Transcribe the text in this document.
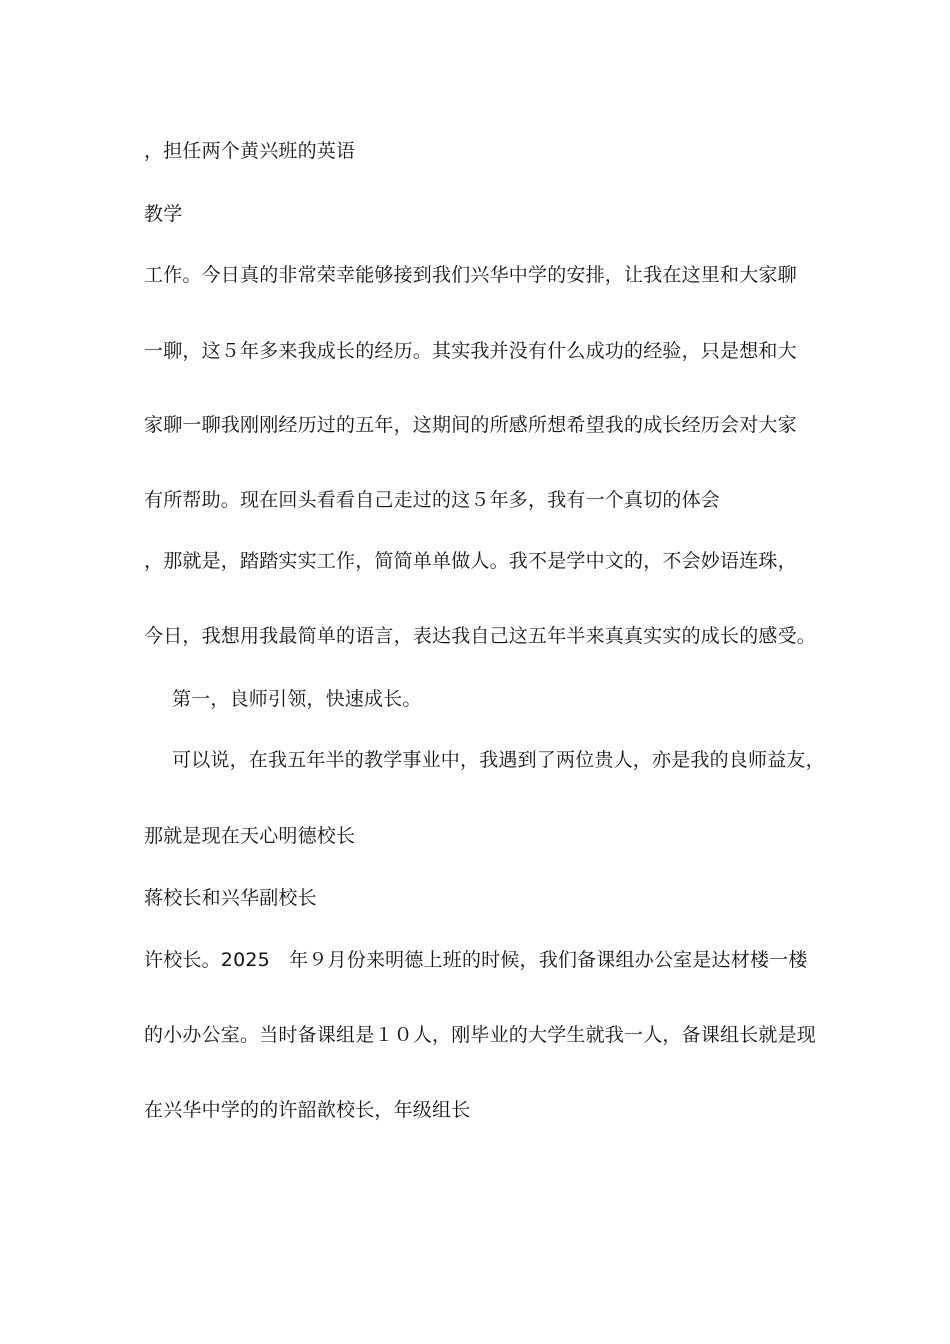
，担任两个黄兴班的英语
教学
工作。今日真的非常荣幸能够接到我们兴华中学的安排，让我在这里和大家聊
一聊，这５年多来我成长的经历。其实我并没有什么成功的经验，只是想和大
家聊一聊我刚刚经历过的五年，这期间的所感所想希望我的成长经历会对大家
有所帮助。现在回头看看自己走过的这５年多，我有一个真切的体会
，那就是，踏踏实实工作，简简单单做人。我不是学中文的，不会妙语连珠，
今日，我想用我最简单的语言，表达我自己这五年半来真真实实的成长的感受。
第一，良师引领，快速成长。
可以说，在我五年半的教学事业中，我遇到了两位贵人，亦是我的良师益友，
那就是现在天心明德校长
蒋校长和兴华副校长
许校长。2025　年９月份来明德上班的时候，我们备课组办公室是达材楼一楼
的小办公室。当时备课组是１０人，刚毕业的大学生就我一人，备课组长就是现
在兴华中学的的许韶歆校长，年级组长
